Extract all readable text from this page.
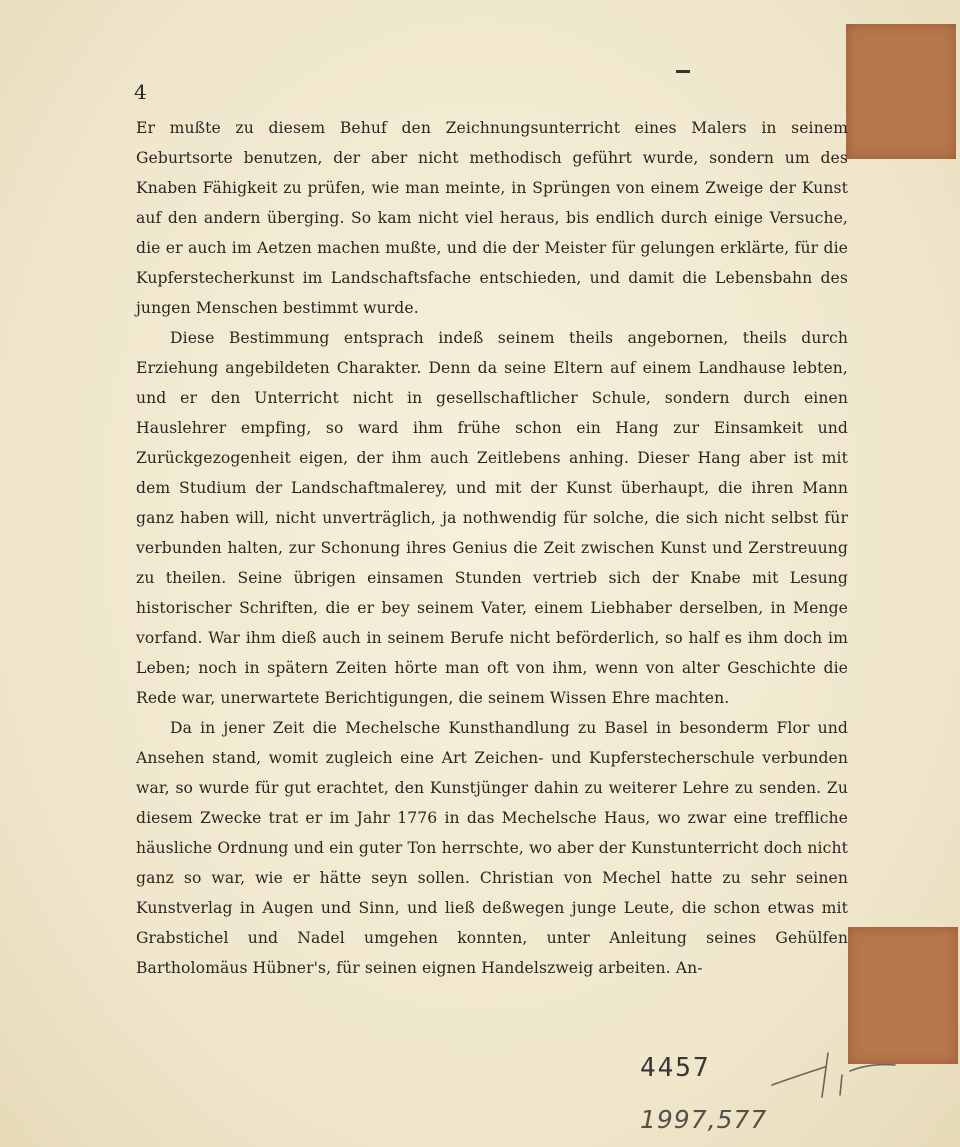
4

Er mußte zu diesem Behuf den Zeichnungsunterricht eines Malers in seinem Geburtsorte benutzen, der aber nicht methodisch geführt wurde, sondern um des Knaben Fähigkeit zu prüfen, wie man meinte, in Sprüngen von einem Zweige der Kunst auf den andern überging. So kam nicht viel heraus, bis endlich durch einige Versuche, die er auch im Aetzen machen mußte, und die der Meister für gelungen erklärte, für die Kupferstecherkunst im Landschaftsfache entschieden, und damit die Lebensbahn des jungen Menschen bestimmt wurde.

Diese Bestimmung entsprach indeß seinem theils angebornen, theils durch Erziehung angebildeten Charakter. Denn da seine Eltern auf einem Landhause lebten, und er den Unterricht nicht in gesellschaftlicher Schule, sondern durch einen Hauslehrer empfing, so ward ihm frühe schon ein Hang zur Einsamkeit und Zurückgezogenheit eigen, der ihm auch Zeitlebens anhing. Dieser Hang aber ist mit dem Studium der Landschaftmalerey, und mit der Kunst überhaupt, die ihren Mann ganz haben will, nicht unverträglich, ja nothwendig für solche, die sich nicht selbst für verbunden halten, zur Schonung ihres Genius die Zeit zwischen Kunst und Zerstreuung zu theilen. Seine übrigen einsamen Stunden vertrieb sich der Knabe mit Lesung historischer Schriften, die er bey seinem Vater, einem Liebhaber derselben, in Menge vorfand. War ihm dieß auch in seinem Berufe nicht beförderlich, so half es ihm doch im Leben; noch in spätern Zeiten hörte man oft von ihm, wenn von alter Geschichte die Rede war, unerwartete Berichtigungen, die seinem Wissen Ehre machten.

Da in jener Zeit die Mechelsche Kunsthandlung zu Basel in besonderm Flor und Ansehen stand, womit zugleich eine Art Zeichen- und Kupferstecherschule verbunden war, so wurde für gut erachtet, den Kunstjünger dahin zu weiterer Lehre zu senden. Zu diesem Zwecke trat er im Jahr 1776 in das Mechelsche Haus, wo zwar eine treffliche häusliche Ordnung und ein guter Ton herrschte, wo aber der Kunstunterricht doch nicht ganz so war, wie er hätte seyn sollen. Christian von Mechel hatte zu sehr seinen Kunstverlag in Augen und Sinn, und ließ deßwegen junge Leute, die schon etwas mit Grabstichel und Nadel umgehen konnten, unter Anleitung seines Gehülfen Bartholomäus Hübner's, für seinen eignen Handelszweig arbeiten. An-

4457
1997,577
